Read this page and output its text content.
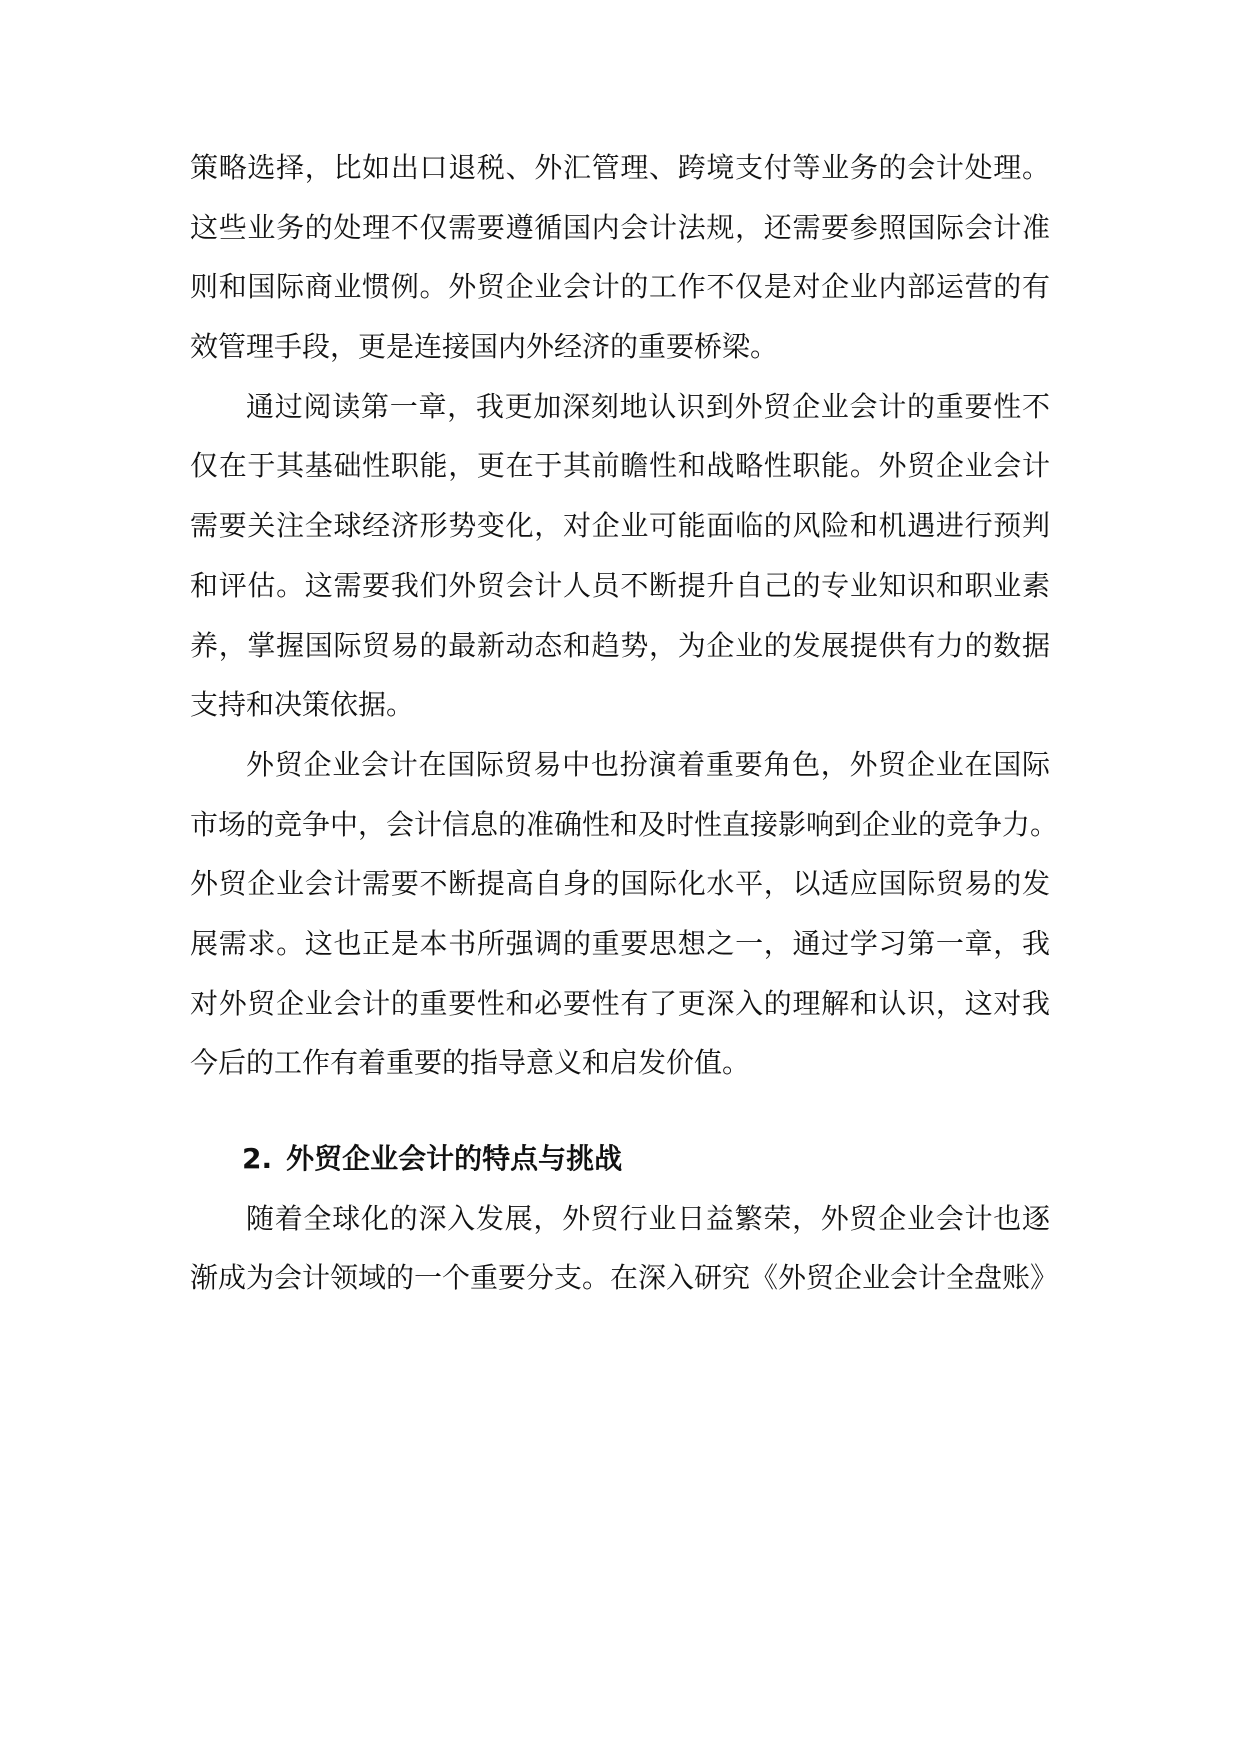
策略选择，比如出口退税、外汇管理、跨境支付等业务的会计处理。
这些业务的处理不仅需要遵循国内会计法规，还需要参照国际会计准
则和国际商业惯例。外贸企业会计的工作不仅是对企业内部运营的有
效管理手段，更是连接国内外经济的重要桥梁。
通过阅读第一章，我更加深刻地认识到外贸企业会计的重要性不
仅在于其基础性职能，更在于其前瞻性和战略性职能。外贸企业会计
需要关注全球经济形势变化，对企业可能面临的风险和机遇进行预判
和评估。这需要我们外贸会计人员不断提升自己的专业知识和职业素
养，掌握国际贸易的最新动态和趋势，为企业的发展提供有力的数据
支持和决策依据。
外贸企业会计在国际贸易中也扮演着重要角色，外贸企业在国际
市场的竞争中，会计信息的准确性和及时性直接影响到企业的竞争力。
外贸企业会计需要不断提高自身的国际化水平，以适应国际贸易的发
展需求。这也正是本书所强调的重要思想之一，通过学习第一章，我
对外贸企业会计的重要性和必要性有了更深入的理解和认识，这对我
今后的工作有着重要的指导意义和启发价值。
2. 外贸企业会计的特点与挑战
随着全球化的深入发展，外贸行业日益繁荣，外贸企业会计也逐
渐成为会计领域的一个重要分支。在深入研究《外贸企业会计全盘账》
